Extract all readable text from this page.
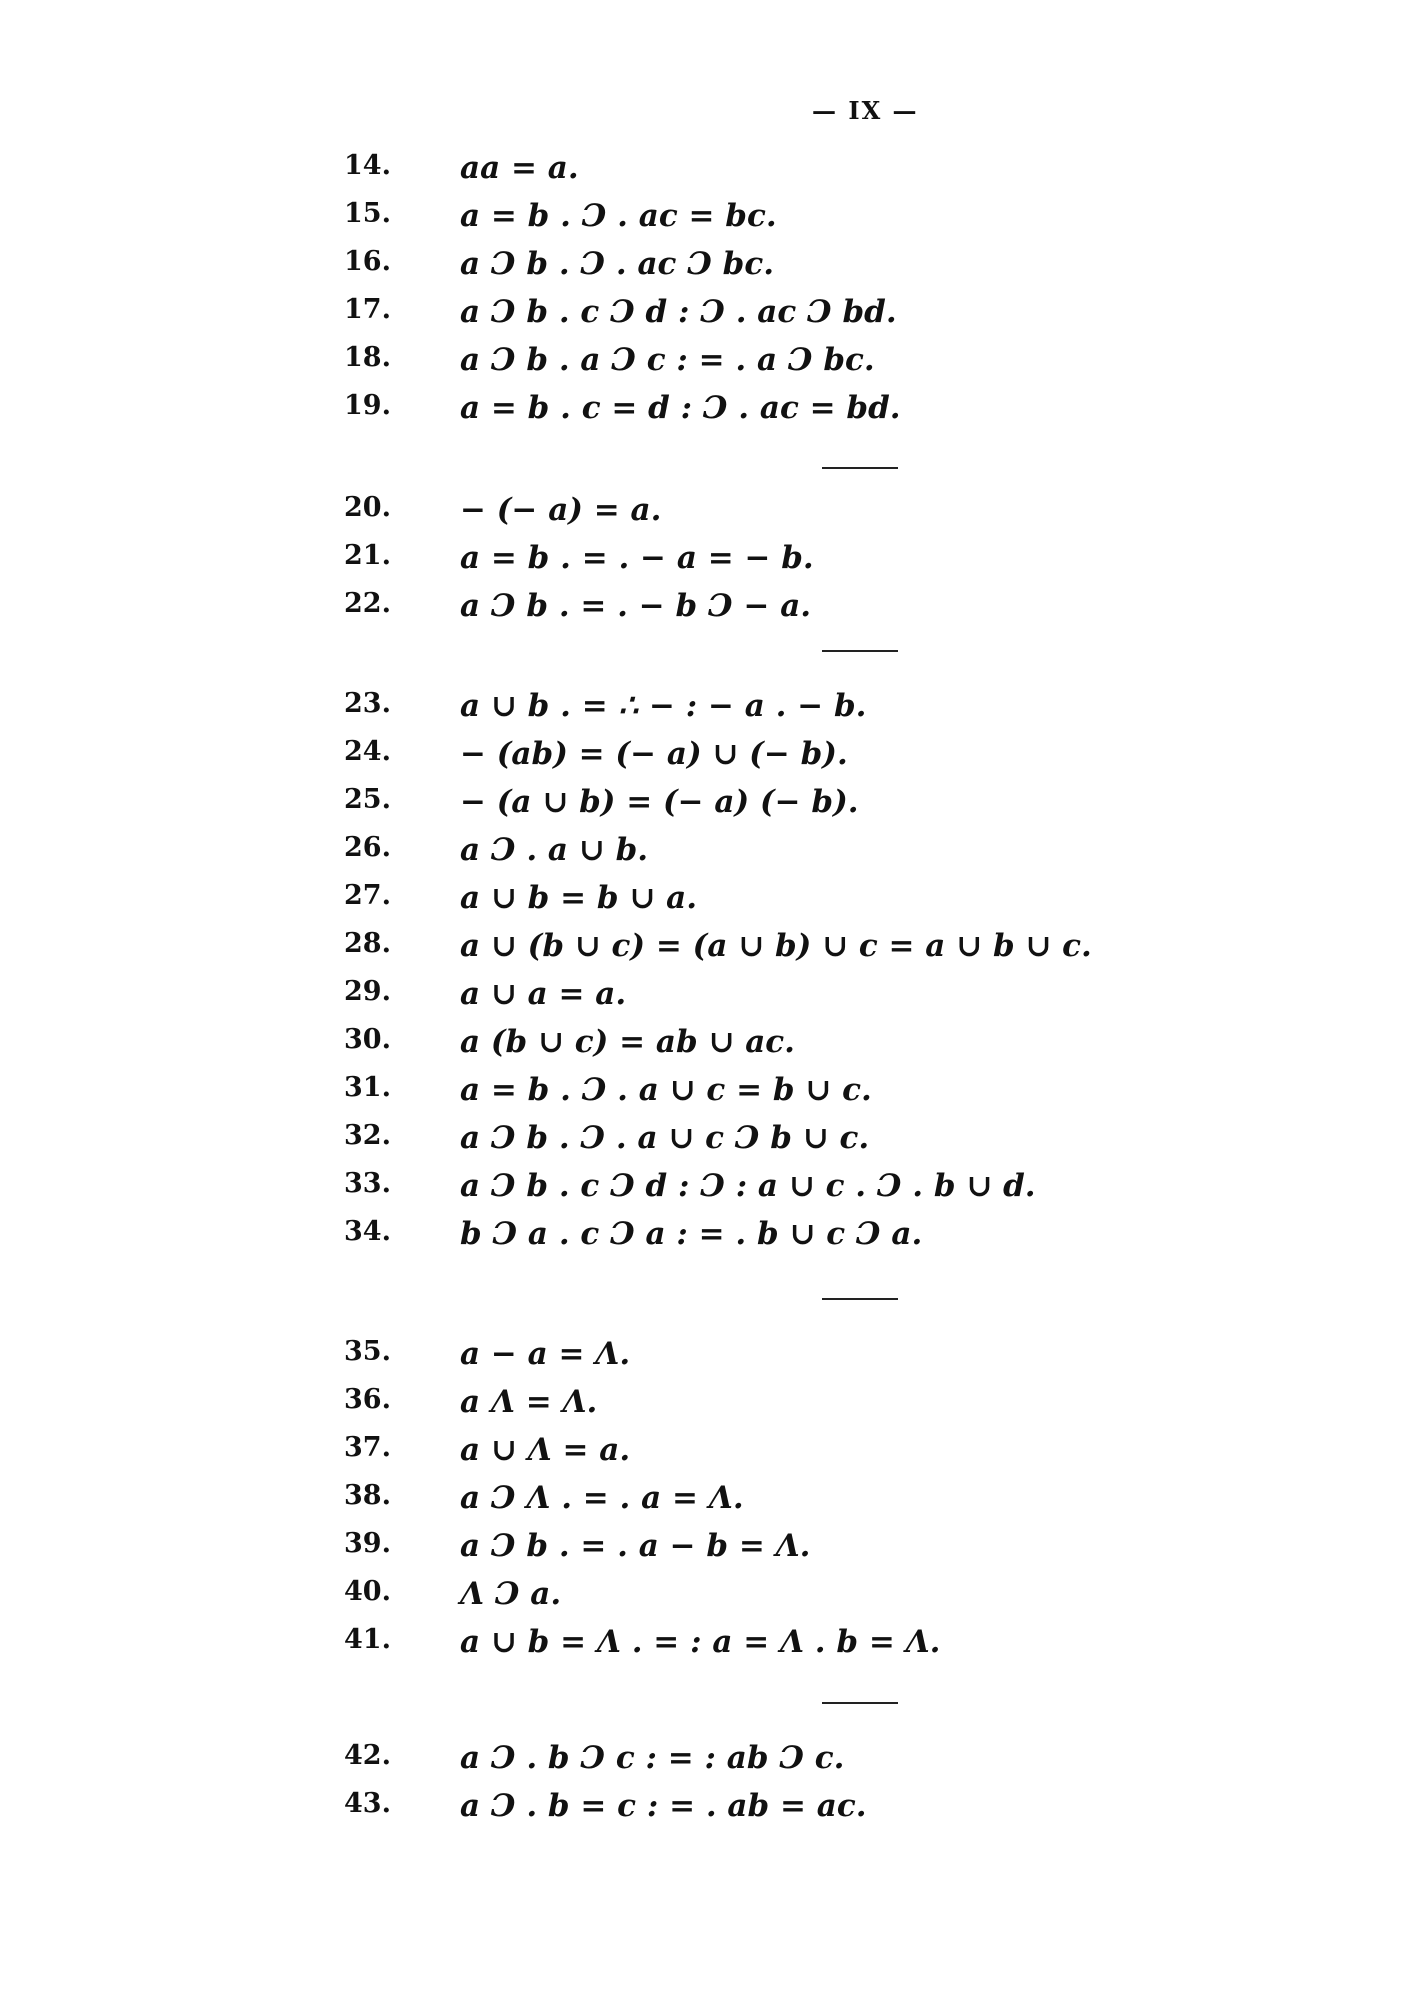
— IX —
14.	aa = a.
15.	a = b . Ɔ . ac = bc.
16.	a Ɔ b . Ɔ . ac Ɔ bc.
17.	a Ɔ b . c Ɔ d : Ɔ . ac Ɔ bd.
18.	a Ɔ b . a Ɔ c : = . a Ɔ bc.
19.	a = b . c = d : Ɔ . ac = bd.
20.	− (− a) = a.
21.	a = b . = . − a = − b.
22.	a Ɔ b . = . − b Ɔ − a.
23.	a ∪ b . = ∴ − : − a . − b.
24.	− (ab) = (− a) ∪ (− b).
25.	− (a ∪ b) = (− a) (− b).
26.	a Ɔ . a ∪ b.
27.	a ∪ b = b ∪ a.
28.	a ∪ (b ∪ c) = (a ∪ b) ∪ c = a ∪ b ∪ c.
29.	a ∪ a = a.
30.	a (b ∪ c) = ab ∪ ac.
31.	a = b . Ɔ . a ∪ c = b ∪ c.
32.	a Ɔ b . Ɔ . a ∪ c Ɔ b ∪ c.
33.	a Ɔ b . c Ɔ d : Ɔ : a ∪ c . Ɔ . b ∪ d.
34.	b Ɔ a . c Ɔ a : = . b ∪ c Ɔ a.
35.	a − a = Λ.
36.	a Λ = Λ.
37.	a ∪ Λ = a.
38.	a Ɔ Λ . = . a = Λ.
39.	a Ɔ b . = . a − b = Λ.
40.	Λ Ɔ a.
41.	a ∪ b = Λ . = : a = Λ . b = Λ.
42.	a Ɔ . b Ɔ c : = : ab Ɔ c.
43.	a Ɔ . b = c : = . ab = ac.
